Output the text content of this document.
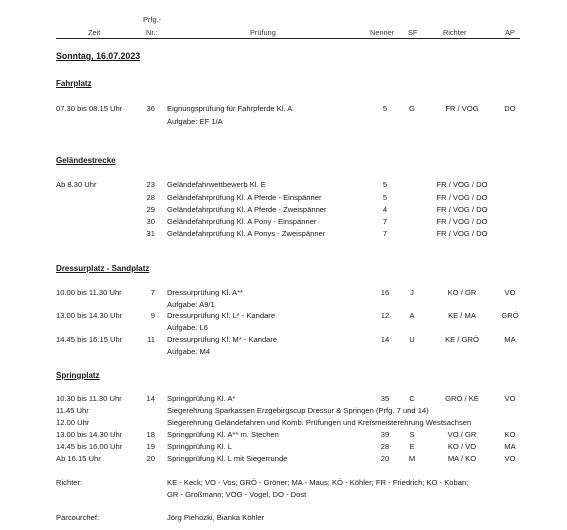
Zeit
Prfg.-
Nr.:	Prüfung	Nenner SF	Richter	AP
Sonntag, 16.07.2023
Fahrplatz
07.30 bis 08.15 Uhr	36 Eignungsprüfung für Fahrpferde Kl. A	5	G	FR / VOG	DO
Aufgabe: EF 1/A
Geländestrecke
Ab 8.30 Uhr	23 Geländefahrwettbewerb Kl. E	5	FR / VOG / DO
28 Geländefahrprüfung Kl. A Pferde - Einspänner	5	FR / VOG / DO
29 Geländefahrprüfung Kl. A Pferde - Zweispänner	4	FR / VOG / DO
30 Geländefahrprüfung Kl. A Pony - Einspänner	7	FR / VOG / DO
31 Geländefahrprüfung Kl. A Ponys - Zweispänner	7	FR / VOG / DO
Dressurplatz - Sandplatz
10.00 bis 11.30 Uhr	7 Dressurprüfung Kl. A**	16	J	KO / GR	VO
Aufgabe: A9/1
13.00 bis 14.30 Uhr	9 Dressurprüfung Kl. L* - Kandare	12	A	KE / MA	GRÖ
Aufgabe: L6
14.45 bis 16.15 Uhr	11 Dressurprüfung Kl. M* - Kandare	14	U	KE / GRÖ	MA
Aufgabe: M4
Springplatz
10.30 bis 11.30 Uhr	14 Springprüfung Kl. A*	35	C	GRÖ / KE	VO
11.45 Uhr	Siegerehrung Sparkassen Erzgebirgscup Dressur & Springen (Prfg. 7 und 14)
12.00 Uhr	Siegerehrung Geländefahren und Komb. Prüfungen und Kreismeisterehrung Westsachsen
13.00 bis 14.30 Uhr	18 Springprüfung Kl. A** m. Stechen	39	S	VO / GR	KO
14.45 bis 16.00 Uhr	19 Springprüfung Kl. L	28	E	KO / VO	MA
Ab 16.15 Uhr	20 Springprüfung Kl. L mit Siegerrunde	20	M	MA / KO	VO
Richter:	KE - Keck; VO - Vos; GRÖ - Gröner; MA - Maus; KÖ - Köhler; FR - Friedrich; KO - Koban;
GR - Großmann; VOG - Vogel, DO - Dost
Parcourchef:	Jörg Piehozki, Bianka Köhler
